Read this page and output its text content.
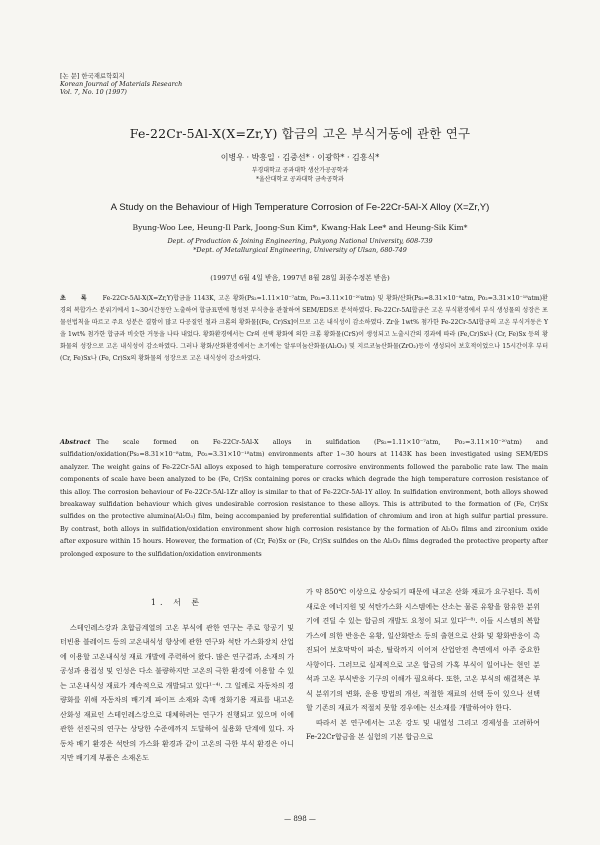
[논 문] 한국재료학회지
Korean Journal of Materials Research
Vol. 7, No. 10 (1997)
Fe-22Cr-5Al-X(X=Zr,Y) 합금의 고온 부식거동에 관한 연구
이병우 · 박흥일 · 김중선* · 이광학* · 김흥식*
부경대학교 공과대학 생산가공공학과
*울산대학교 공과대학 금속공학과
A Study on the Behaviour of High Temperature Corrosion of Fe-22Cr-5Al-X Alloy (X=Zr,Y)
Byung-Woo Lee, Heung-Il Park, Joong-Sun Kim*, Kwang-Hak Lee* and Heung-Sik Kim*
Dept. of Production & Joining Engineering, Pukyong National University, 608-739
*Dept. of Metallurgical Engineering, University of Ulsan, 680-749
(1997년 6월 4일 받음, 1997년 8월 28일 최종수정본 받음)
초 록 Fe-22Cr-5Al-X(X=Zr,Y)합금을 1143K, 고온 황화(Ps₂=1.11×10⁻⁷atm, Po₂=3.11×10⁻²⁰atm) 및 황화/산화(Ps₂=8.31×10⁻⁸atm, Po₂=3.31×10⁻¹⁸atm)환경의 복합가스 분위기에서 1~30시간동안 노출하여 합금표면에 형성된 부식층을 관찰하여 SEM/EDS로 분석하였다. Fe-22Cr-5Al합금은 고온 부식환경에서 부식 생성물의 성장은 포물선법칙을 따르고 주요 성분은 결함이 많고 다공질인 철과 크롬의 황화물[(Fe, Cr)Sx]이므로 고온 내식성이 감소하였다. Zr을 1wt% 첨가한 Fe-22Cr-5Al합금의 고온 부식거동은 Y을 1wt% 첨가한 합금과 비슷한 거동을 나타 내었다. 황화환경에서는 Cr의 선택 황화에 의한 크롬 황화물(CrS)이 생성되고 노출시간의 경과에 따라 (Fe,Cr)Sx나 (Cr, Fe)Sx 등의 황화물의 성장으로 고온 내식성이 감소하였다. 그러나 황화/산화환경에서는 초기에는 알루미늄산화물(Al₂O₃) 및 지르코늄산화물(ZrO₂)등이 생성되어 보호적이었으나 15시간이후 부터 (Cr, Fe)Sx나 (Fe, Cr)Sx의 황화물의 성장으로 고온 내식성이 감소하였다.
Abstract The scale formed on Fe-22Cr-5Al-X alloys in sulfidation (Ps₂=1.11×10⁻⁷atm, Po₂=3.11×10⁻²⁰atm) and sulfidation/oxidation(Ps₂=8.31×10⁻⁸atm, Po₂=3.31×10⁻¹⁸atm) environments after 1~30 hours at 1143K has been investigated using SEM/EDS analyzer. The weight gains of Fe-22Cr-5Al alloys exposed to high temperature corrosive environments followed the parabolic rate law. The main components of scale have been analyzed to be (Fe, Cr)Sx containing pores or cracks which degrade the high temperature corrosion resistance of this alloy. The corrosion behaviour of Fe-22Cr-5Al-1Zr alloy is similar to that of Fe-22Cr-5Al-1Y alloy. In sulfidation environment, both alloys showed breakaway sulfidation behaviour which gives undesirable corrosion resistance to these alloys. This is attributed to the formation of (Fe, Cr)Sx sulfides on the protective alumina(Al₂O₃) film, being accompanied by preferential sulfidation of chromium and iron at high sulfur partial pressure. By contrast, both alloys in sulfidation/oxidation environment show high corrosion resistance by the formation of Al₂O₃ films and zirconium oxide after exposure within 15 hours. However, the formation of (Cr, Fe)Sx or (Fe, Cr)Sx sulfides on the Al₂O₃ films degraded the protective property after prolonged exposure to the sulfidation/oxidation environments
1. 서 론

스테인레스강과 초합금계열의 고온 부식에 관한 연구는 주로 항공기 및 터빈용 블레이드 등의 고온내식성 향상에 관한 연구와 석탄 가스화장치 산업에 이용할 고온내식성 재료 개발에 주력하여 왔다. 많은 연구결과, 소재의 가공성과 용접성 및 인성은 다소 불량하지만 고온의 극한 환경에 이용할 수 있는 고온내식성 재료가 계속적으로 개발되고 있다¹⁻⁴⁾. 그 일례로 자동차의 경량화를 위해 자동차의 배기계 파이프 소재와 촉매 정화기용 재료를 내고온 산화성 재료인 스테인레스강으로 대체하려는 연구가 진행되고 있으며 이에 관한 선진국의 연구는 상당한 수준에까지 도달하여 실용화 단계에 있다. 자동차 배기 환경은 석탄의 가스화 환경과 같이 고온의 극한 부식 환경은 아니지만 배기계 부품은 소재온도

가 약 850℃ 이상으로 상승되기 때문에 내고온 산화 재료가 요구된다. 특히 새로운 에너지원 및 석탄가스화 시스템에는 산소는 물론 유황을 함유한 분위기에 견딜 수 있는 합금의 개발도 요청이 되고 있다⁵⁻⁸⁾. 이들 시스템의 복합가스에 의한 반응은 유황, 일산화탄소 등의 출현으로 산화 및 황화반응이 촉진되어 보호막막이 파손, 탈락까지 이어져 산업안전 측면에서 아주 중요한 사항이다. 그러므로 실제적으로 고온 합금의 가혹 부식이 일어나는 현인 분석과 고온 부식반응 기구의 이해가 필요하다. 또한, 고온 부식의 해결책은 부식 분위기의 변화, 운용 방법의 개선, 적절한 재료의 선택 등이 있으나 선택할 기존의 재료가 적절치 못할 경우에는 신소재를 개발하여야 한다.

따라서 본 연구에서는 고온 강도 및 내열성 그리고 경제성을 고려하여 Fe-22Cr합금을 본 실험의 기본 합금으로

— 898 —
